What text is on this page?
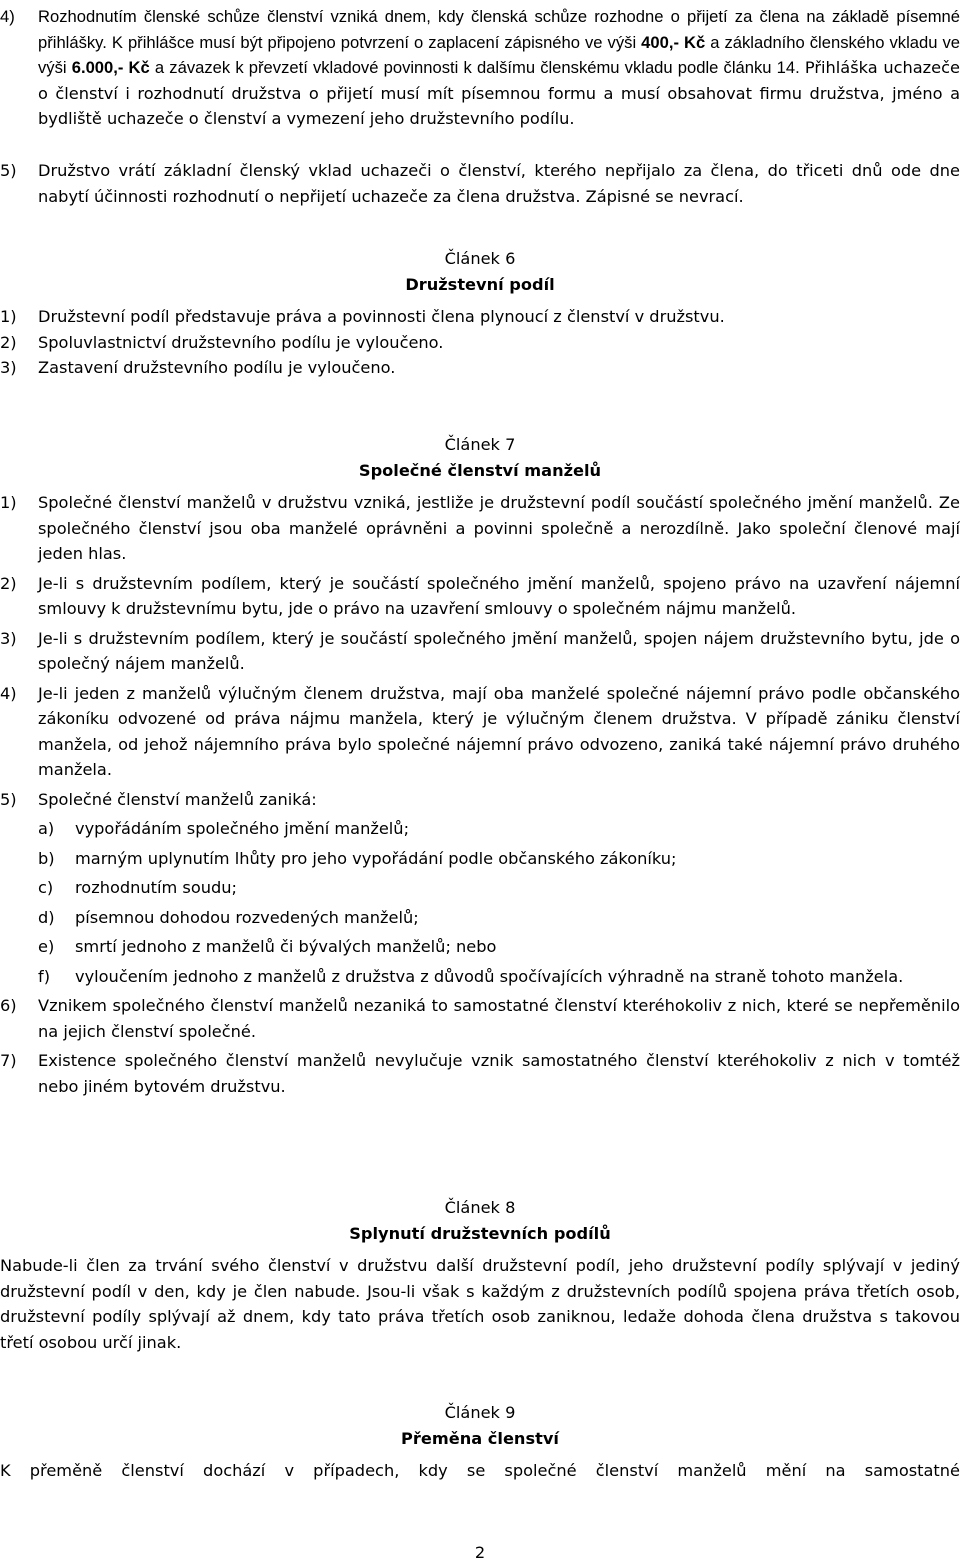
4) Rozhodnutím členské schůze členství vzniká dnem, kdy členská schůze rozhodne o přijetí za člena na základě písemné přihlášky. K přihlášce musí být připojeno potvrzení o zaplacení zápisného ve výši 400,- Kč a základního členského vkladu ve výši 6.000,- Kč a závazek k převzetí vkladové povinnosti k dalšímu členskému vkladu podle článku 14. Přihláška uchazeče o členství i rozhodnutí družstva o přijetí musí mít písemnou formu a musí obsahovat firmu družstva, jméno a bydliště uchazeče o členství a vymezení jeho družstevního podílu.
5) Družstvo vrátí základní členský vklad uchazeči o členství, kterého nepřijalo za člena, do třiceti dnů ode dne nabytí účinnosti rozhodnutí o nepřijetí uchazeče za člena družstva. Zápisné se nevrací.
Článek 6
Družstevní podíl
1) Družstevní podíl představuje práva a povinnosti člena plynoucí z členství v družstvu.
2) Spoluvlastnictví družstevního podílu je vyloučeno.
3) Zastavení družstevního podílu je vyloučeno.
Článek 7
Společné členství manželů
1) Společné členství manželů v družstvu vzniká, jestliže je družstevní podíl součástí společného jmění manželů. Ze společného členství jsou oba manželé oprávněni a povinni společně a nerozdílně. Jako společní členové mají jeden hlas.
2) Je-li s družstevním podílem, který je součástí společného jmění manželů, spojeno právo na uzavření nájemní smlouvy k družstevnímu bytu, jde o právo na uzavření smlouvy o společném nájmu manželů.
3) Je-li s družstevním podílem, který je součástí společného jmění manželů, spojen nájem družstevního bytu, jde o společný nájem manželů.
4) Je-li jeden z manželů výlučným členem družstva, mají oba manželé společné nájemní právo podle občanského zákoníku odvozené od práva nájmu manžela, který je výlučným členem družstva. V případě zániku členství manžela, od jehož nájemního práva bylo společné nájemní právo odvozeno, zaniká také nájemní právo druhého manžela.
5) Společné členství manželů zaniká:
a) vypořádáním společného jmění manželů;
b) marným uplynutím lhůty pro jeho vypořádání podle občanského zákoníku;
c) rozhodnutím soudu;
d) písemnou dohodou rozvedených manželů;
e) smrtí jednoho z manželů či bývalých manželů; nebo
f) vyloučením jednoho z manželů z družstva z důvodů spočívajících výhradně na straně tohoto manžela.
6) Vznikem společného členství manželů nezaniká to samostatné členství kteréhokoliv z nich, které se nepřeměnilo na jejich členství společné.
7) Existence společného členství manželů nevylučuje vznik samostatného členství kteréhokoliv z nich v tomtéž nebo jiném bytovém družstvu.
Článek 8
Splynutí družstevních podílů
Nabude-li člen za trvání svého členství v družstvu další družstevní podíl, jeho družstevní podíly splývají v jediný družstevní podíl v den, kdy je člen nabude. Jsou-li však s každým z družstevních podílů spojena práva třetích osob, družstevní podíly splývají až dnem, kdy tato práva třetích osob zaniknou, ledaže dohoda člena družstva s takovou třetí osobou určí jinak.
Článek 9
Přeměna členství
K přeměně členství dochází v případech, kdy se společné členství manželů mění na samostatné
2
